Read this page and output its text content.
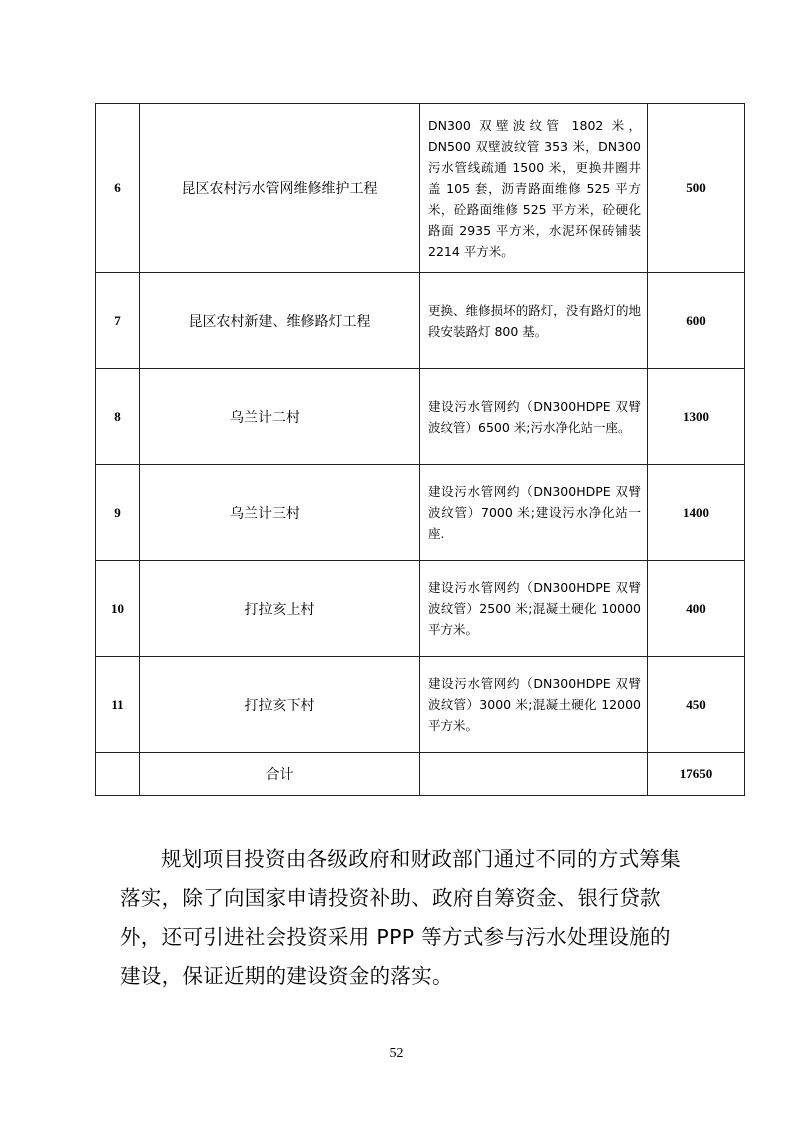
6	昆区农村污水管网维修维护工程	DN300 双壁波纹管 1802 米， DN500 双壁波纹管 353 米，DN300 污水管线疏通 1500 米，更换井圈井盖 105 套，沥青路面维修 525 平方米，砼路面维修 525 平方米，砼硬化路面 2935 平方米，水泥环保砖铺装 2214 平方米。	500
7	昆区农村新建、维修路灯工程	更换、维修损坏的路灯，没有路灯的地段安装路灯 800 基。	600
8	乌兰计二村	建设污水管网约（DN300HDPE 双臂波纹管）6500 米;污水净化站一座。	1300
9	乌兰计三村	建设污水管网约（DN300HDPE 双臂波纹管）7000 米;建设污水净化站一座.	1400
10	打拉亥上村	建设污水管网约（DN300HDPE 双臂波纹管）2500 米;混凝土硬化 10000 平方米。	400
11	打拉亥下村	建设污水管网约（DN300HDPE 双臂波纹管）3000 米;混凝土硬化 12000 平方米。	450
	合计		17650

规划项目投资由各级政府和财政部门通过不同的方式筹集落实，除了向国家申请投资补助、政府自筹资金、银行贷款外，还可引进社会投资采用 PPP 等方式参与污水处理设施的建设，保证近期的建设资金的落实。

52
